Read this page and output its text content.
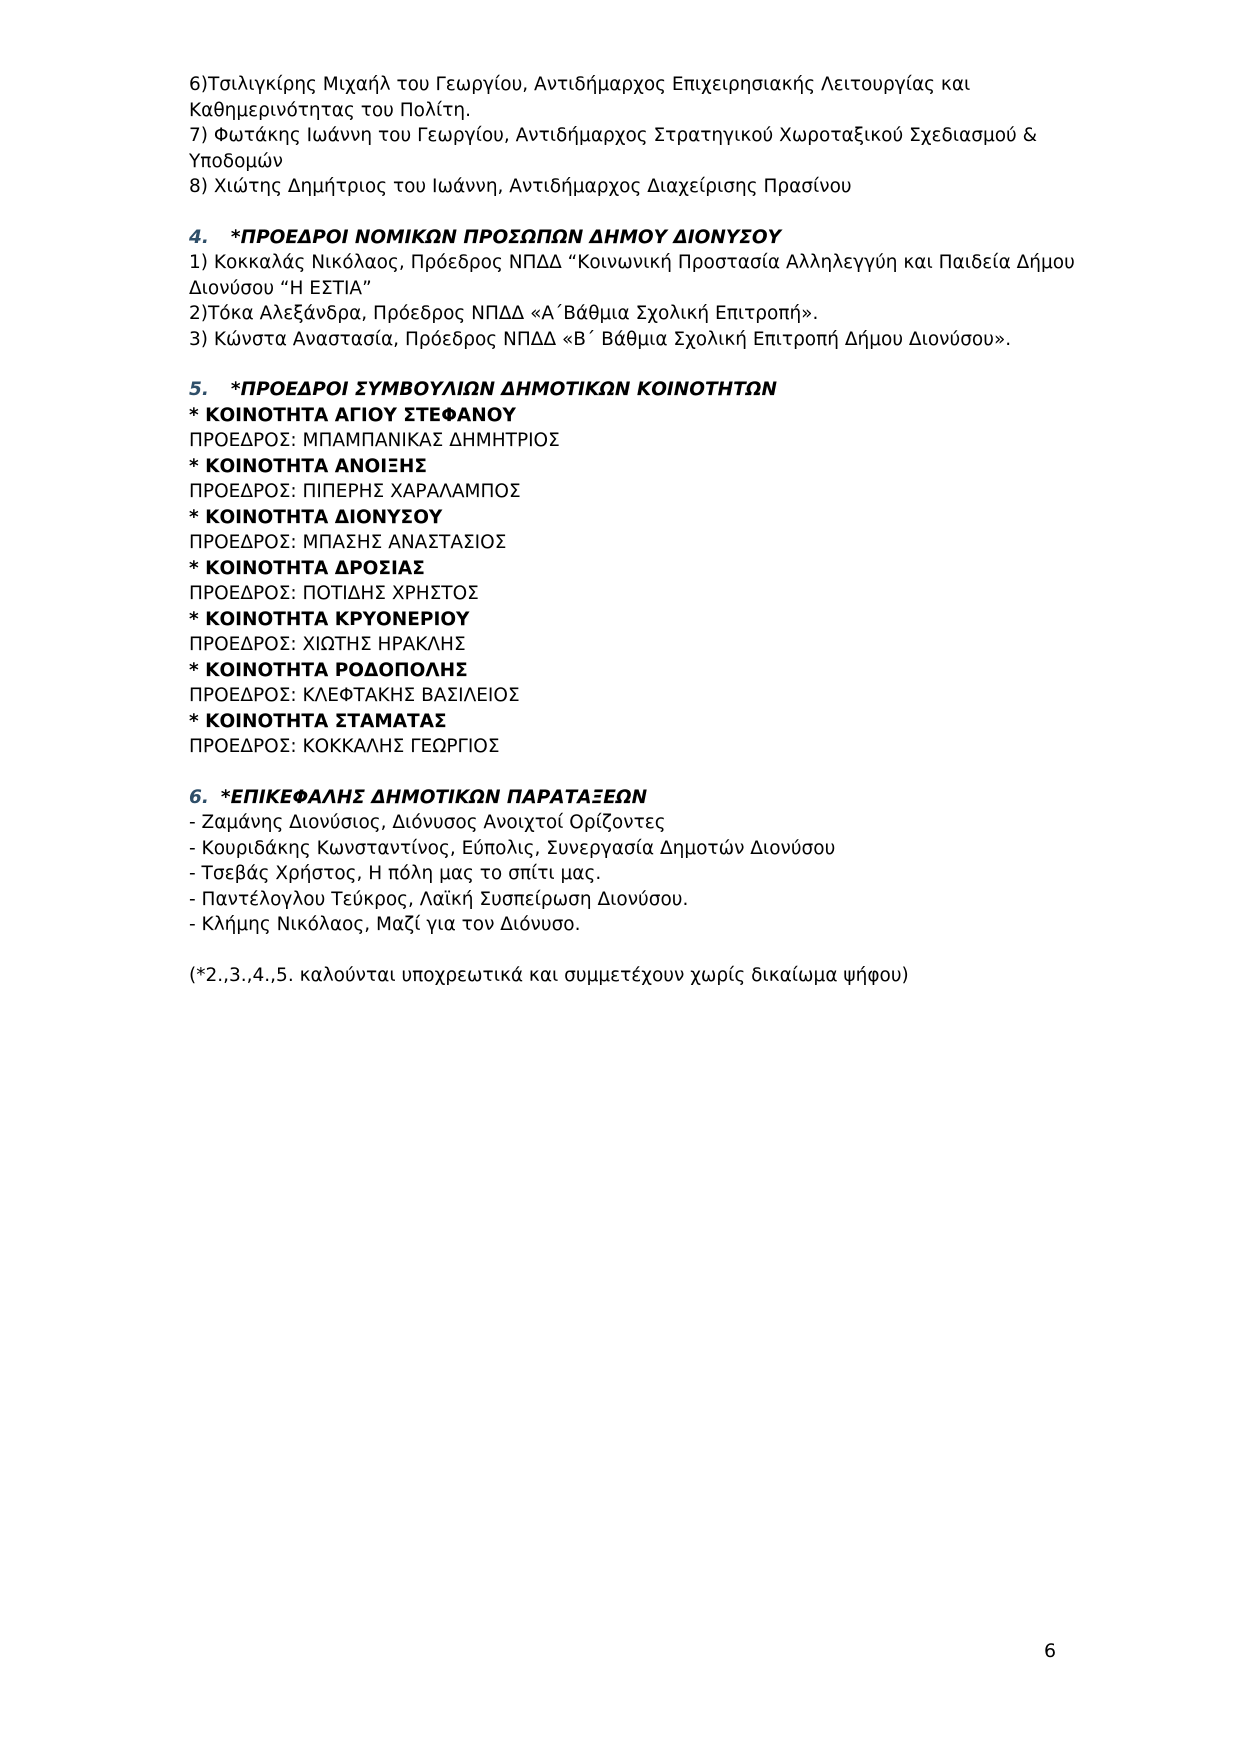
6)Τσιλιγκίρης Μιχαήλ του Γεωργίου, Αντιδήμαρχος Επιχειρησιακής Λειτουργίας και
Καθημερινότητας του Πολίτη.
7) Φωτάκης Ιωάννη του Γεωργίου, Αντιδήμαρχος Στρατηγικού Χωροταξικού Σχεδιασμού &
Υποδομών
8) Χιώτης Δημήτριος του Ιωάννη, Αντιδήμαρχος Διαχείρισης Πρασίνου
4. *ΠΡΟΕΔΡΟΙ ΝΟΜΙΚΩΝ ΠΡΟΣΩΠΩΝ ΔΗΜΟΥ ΔΙΟΝΥΣΟΥ
1) Κοκκαλάς Νικόλαος, Πρόεδρος ΝΠΔΔ “Κοινωνική Προστασία Αλληλεγγύη και Παιδεία Δήμου
Διονύσου “Η ΕΣΤΙΑ”
2)Τόκα Αλεξάνδρα, Πρόεδρος ΝΠΔΔ «Α΄Βάθμια Σχολική Επιτροπή».
3) Κώνστα Αναστασία, Πρόεδρος ΝΠΔΔ «Β΄ Βάθμια Σχολική Επιτροπή Δήμου Διονύσου».
5. *ΠΡΟΕΔΡΟΙ ΣΥΜΒΟΥΛΙΩΝ ΔΗΜΟΤΙΚΩΝ ΚΟΙΝΟΤΗΤΩΝ
* ΚΟΙΝΟΤΗΤΑ ΑΓΙΟΥ ΣΤΕΦΑΝΟΥ
ΠΡΟΕΔΡΟΣ: ΜΠΑΜΠΑΝΙΚΑΣ ΔΗΜΗΤΡΙΟΣ
* ΚΟΙΝΟΤΗΤΑ ΑΝΟΙΞΗΣ
ΠΡΟΕΔΡΟΣ: ΠΙΠΕΡΗΣ ΧΑΡΑΛΑΜΠΟΣ
* ΚΟΙΝΟΤΗΤΑ ΔΙΟΝΥΣΟΥ
ΠΡΟΕΔΡΟΣ: ΜΠΑΣΗΣ ΑΝΑΣΤΑΣΙΟΣ
* ΚΟΙΝΟΤΗΤΑ ΔΡΟΣΙΑΣ
ΠΡΟΕΔΡΟΣ: ΠΟΤΙΔΗΣ ΧΡΗΣΤΟΣ
* ΚΟΙΝΟΤΗΤΑ ΚΡΥΟΝΕΡΙΟΥ
ΠΡΟΕΔΡΟΣ: ΧΙΩΤΗΣ ΗΡΑΚΛΗΣ
* ΚΟΙΝΟΤΗΤΑ ΡΟΔΟΠΟΛΗΣ
ΠΡΟΕΔΡΟΣ: ΚΛΕΦΤΑΚΗΣ ΒΑΣΙΛΕΙΟΣ
* ΚΟΙΝΟΤΗΤΑ ΣΤΑΜΑΤΑΣ
ΠΡΟΕΔΡΟΣ: ΚΟΚΚΑΛΗΣ ΓΕΩΡΓΙΟΣ
6. *ΕΠΙΚΕΦΑΛΗΣ ΔΗΜΟΤΙΚΩΝ ΠΑΡΑΤΑΞΕΩΝ
- Ζαμάνης Διονύσιος, Διόνυσος Ανοιχτοί Ορίζοντες
- Κουριδάκης Κωνσταντίνος, Εύπολις, Συνεργασία Δημοτών Διονύσου
- Τσεβάς Χρήστος, Η πόλη μας το σπίτι μας.
- Παντέλογλου Τεύκρος, Λαϊκή Συσπείρωση Διονύσου.
- Κλήμης Νικόλαος, Μαζί για τον Διόνυσο.
(*2.,3.,4.,5. καλούνται υποχρεωτικά και συμμετέχουν χωρίς δικαίωμα ψήφου)
6
